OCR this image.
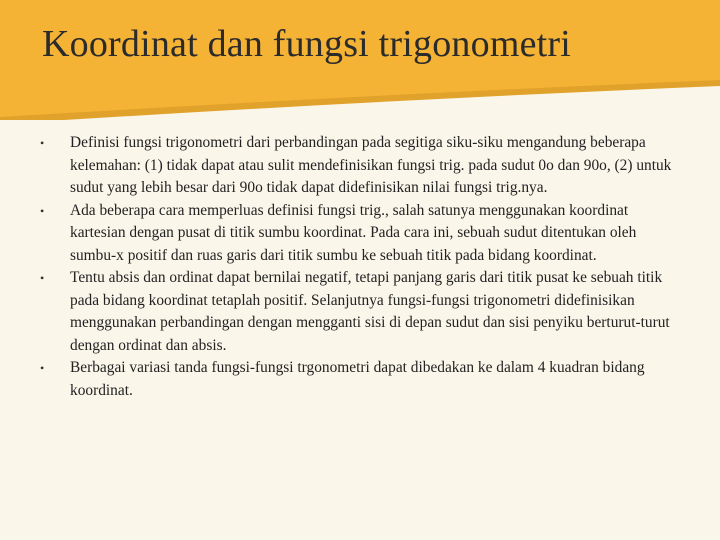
Koordinat dan fungsi trigonometri
•	Definisi fungsi trigonometri dari perbandingan pada segitiga siku-siku mengandung beberapa kelemahan: (1) tidak dapat atau sulit mendefinisikan fungsi trig. pada sudut 0o dan 90o, (2) untuk sudut yang lebih besar dari 90o tidak dapat didefinisikan nilai fungsi trig.nya.
•	Ada beberapa cara memperluas definisi fungsi trig., salah satunya menggunakan koordinat kartesian dengan pusat di titik sumbu koordinat. Pada cara ini, sebuah sudut ditentukan oleh sumbu-x positif dan ruas garis dari titik sumbu ke sebuah titik pada bidang koordinat.
•	Tentu absis dan ordinat dapat bernilai negatif, tetapi panjang garis dari titik pusat ke sebuah titik pada bidang koordinat tetaplah positif. Selanjutnya fungsi-fungsi trigonometri didefinisikan menggunakan perbandingan dengan mengganti sisi di depan sudut dan sisi penyiku berturut-turut dengan ordinat dan absis.
•	Berbagai variasi tanda fungsi-fungsi trgonometri dapat dibedakan ke dalam 4 kuadran bidang koordinat.
